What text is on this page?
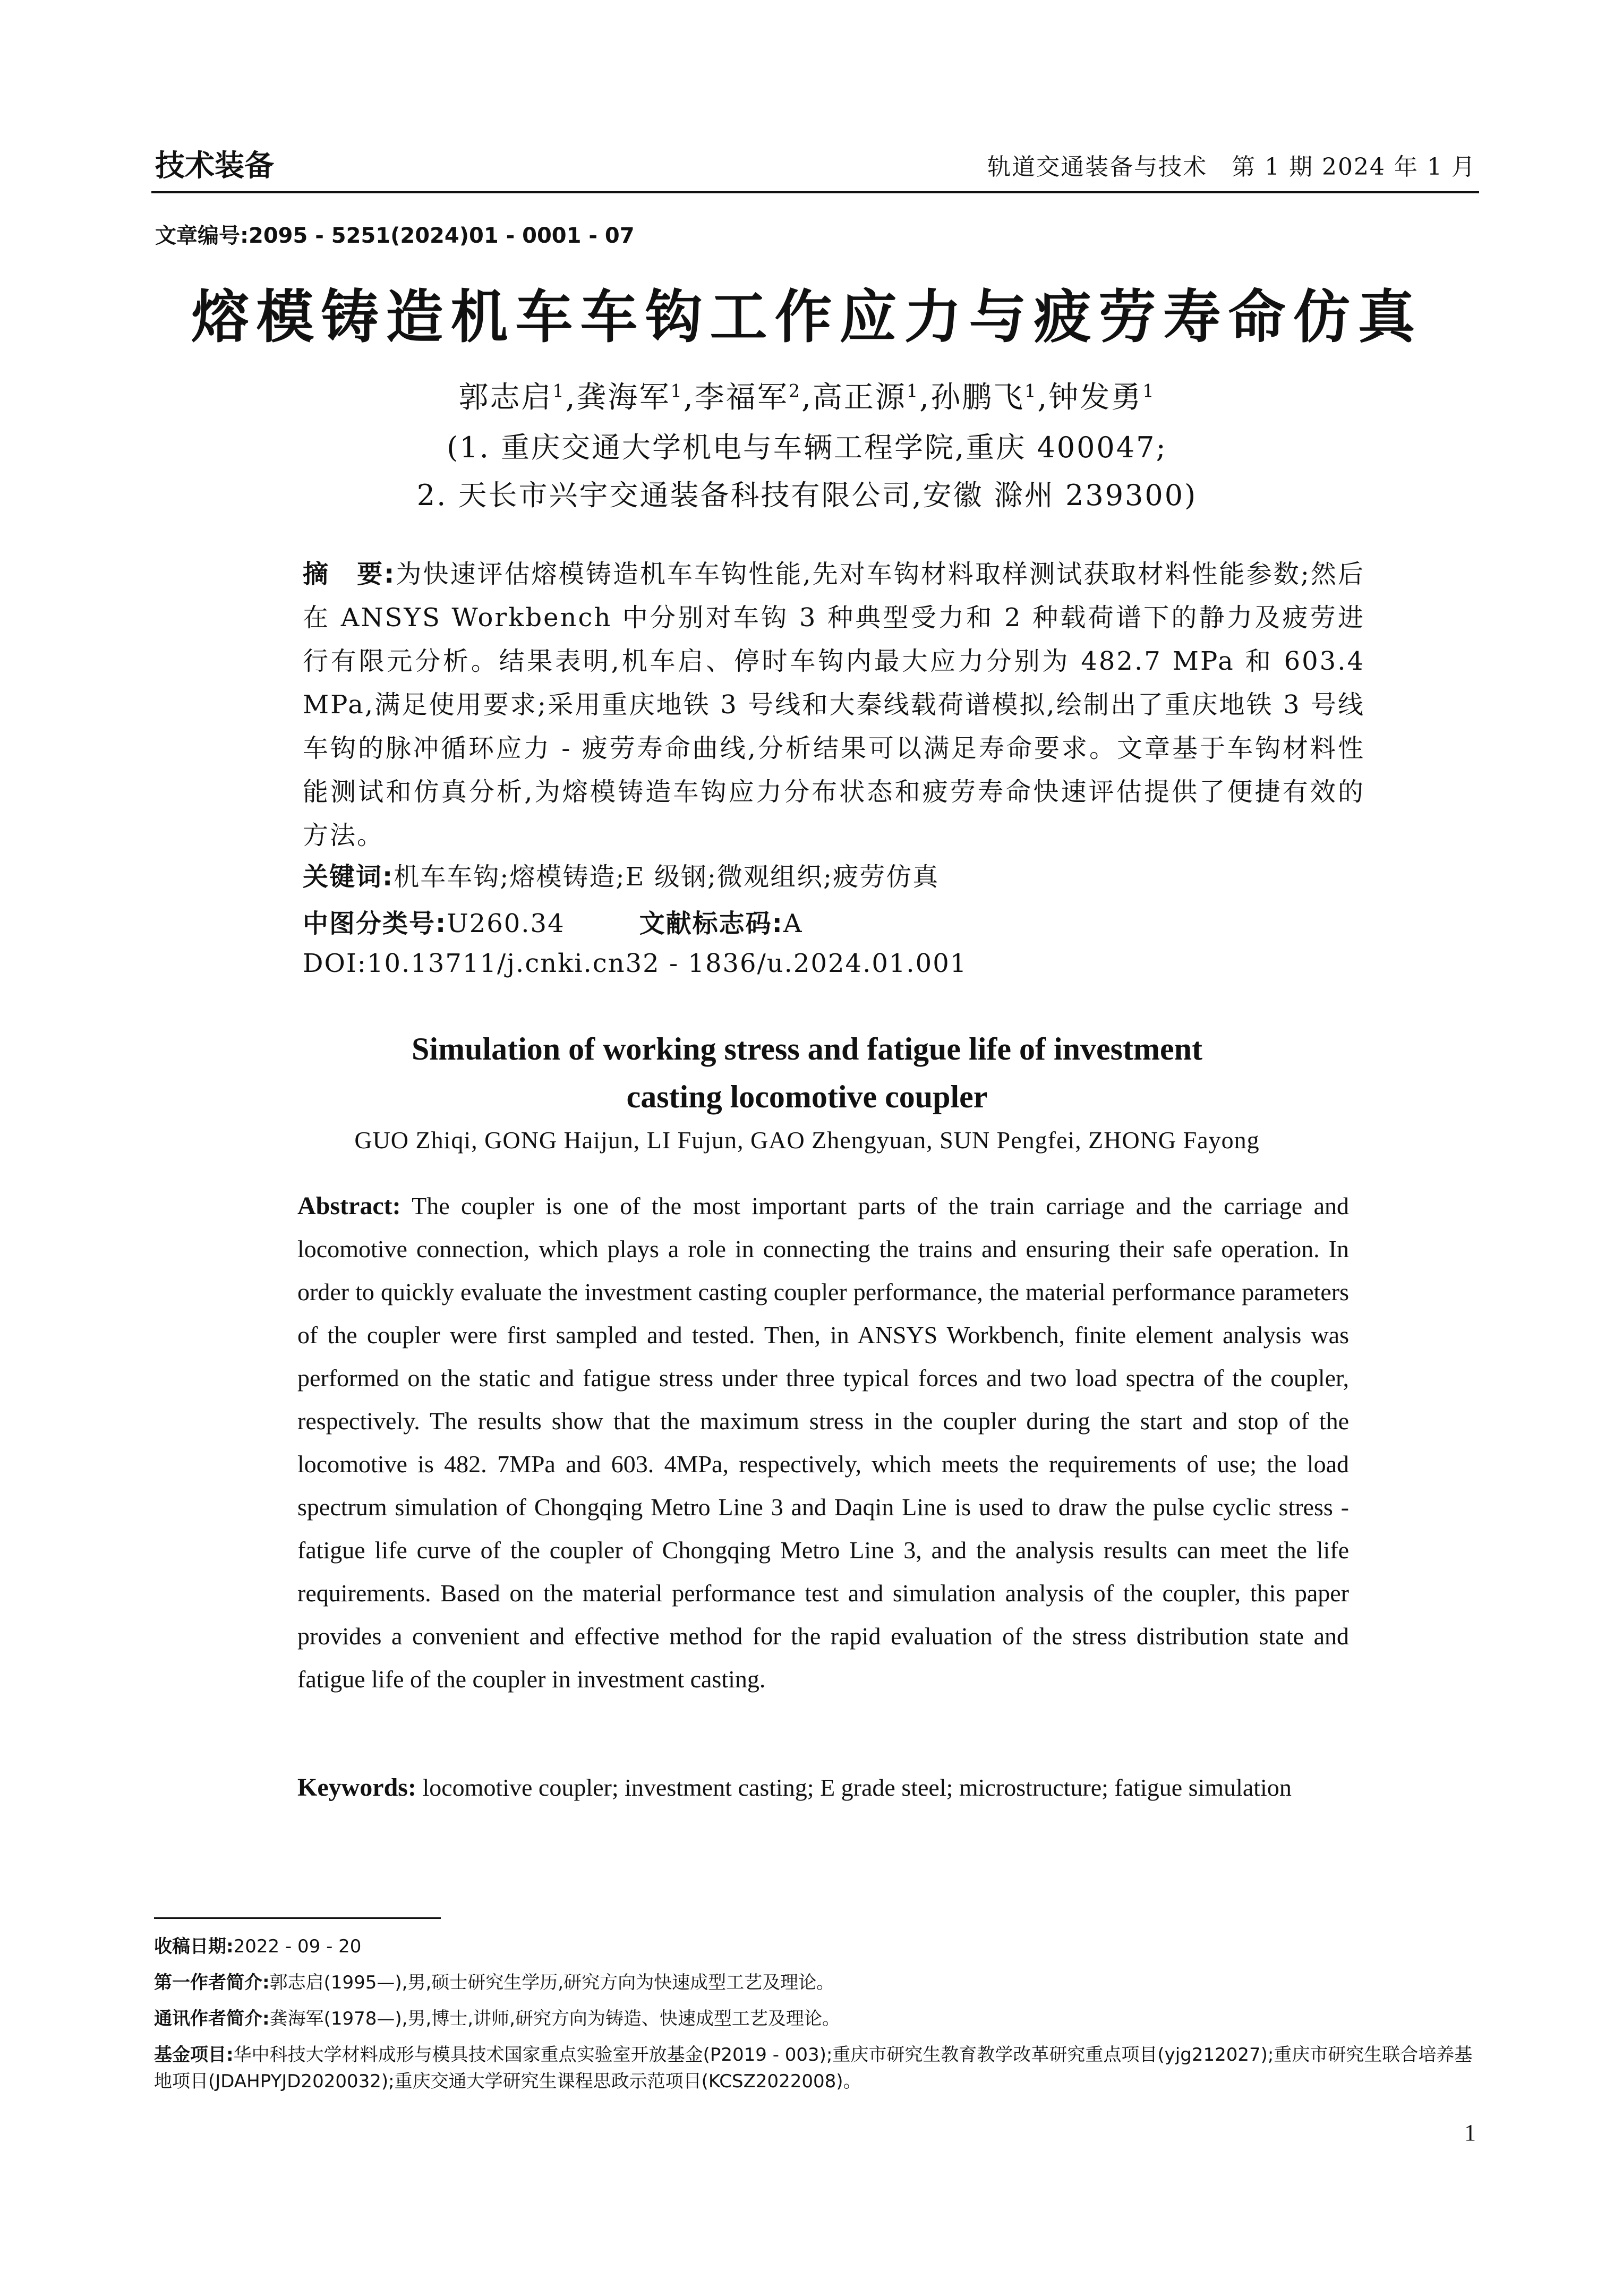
技术装备	轨道交通装备与技术　第 1 期 2024 年 1 月
文章编号:2095 - 5251(2024)01 - 0001 - 07
熔模铸造机车车钩工作应力与疲劳寿命仿真
郭志启$^1$,龚海军$^1$,李福军$^2$,高正源$^1$,孙鹏飞$^1$,钟发勇$^1$
(1. 重庆交通大学机电与车辆工程学院,重庆 400047;
2. 天长市兴宇交通装备科技有限公司,安徽 滁州 239300)
摘　要:为快速评估熔模铸造机车车钩性能,先对车钩材料取样测试获取材料性能参数;然后在 ANSYS Workbench 中分别对车钩 3 种典型受力和 2 种载荷谱下的静力及疲劳进行有限元分析。结果表明,机车启、停时车钩内最大应力分别为 482.7 MPa 和 603.4 MPa,满足使用要求;采用重庆地铁 3 号线和大秦线载荷谱模拟,绘制出了重庆地铁 3 号线车钩的脉冲循环应力 - 疲劳寿命曲线,分析结果可以满足寿命要求。文章基于车钩材料性能测试和仿真分析,为熔模铸造车钩应力分布状态和疲劳寿命快速评估提供了便捷有效的方法。
关键词:机车车钩;熔模铸造;E 级钢;微观组织;疲劳仿真
中图分类号:U260.34	文献标志码:A
DOI:10.13711/j.cnki.cn32 - 1836/u.2024.01.001
Simulation of working stress and fatigue life of investment
casting locomotive coupler
GUO Zhiqi, GONG Haijun, LI Fujun, GAO Zhengyuan, SUN Pengfei, ZHONG Fayong
Abstract: The coupler is one of the most important parts of the train carriage and the carriage and locomotive connection, which plays a role in connecting the trains and ensuring their safe operation. In order to quickly evaluate the investment casting coupler performance, the material performance parameters of the coupler were first sampled and tested. Then, in ANSYS Workbench, finite element analysis was performed on the static and fatigue stress under three typical forces and two load spectra of the coupler, respectively. The results show that the maximum stress in the coupler during the start and stop of the locomotive is 482. 7MPa and 603. 4MPa, respectively, which meets the requirements of use; the load spectrum simulation of Chongqing Metro Line 3 and Daqin Line is used to draw the pulse cyclic stress - fatigue life curve of the coupler of Chongqing Metro Line 3, and the analysis results can meet the life requirements. Based on the material performance test and simulation analysis of the coupler, this paper provides a convenient and effective method for the rapid evaluation of the stress distribution state and fatigue life of the coupler in investment casting.
Keywords: locomotive coupler; investment casting; E grade steel; microstructure; fatigue simulation
收稿日期:2022 - 09 - 20
第一作者简介:郭志启(1995—),男,硕士研究生学历,研究方向为快速成型工艺及理论。
通讯作者简介:龚海军(1978—),男,博士,讲师,研究方向为铸造、快速成型工艺及理论。
基金项目:华中科技大学材料成形与模具技术国家重点实验室开放基金(P2019 - 003);重庆市研究生教育教学改革研究重点项目(yjg212027);重庆市研究生联合培养基地项目(JDAHPYJD2020032);重庆交通大学研究生课程思政示范项目(KCSZ2022008)。
1
